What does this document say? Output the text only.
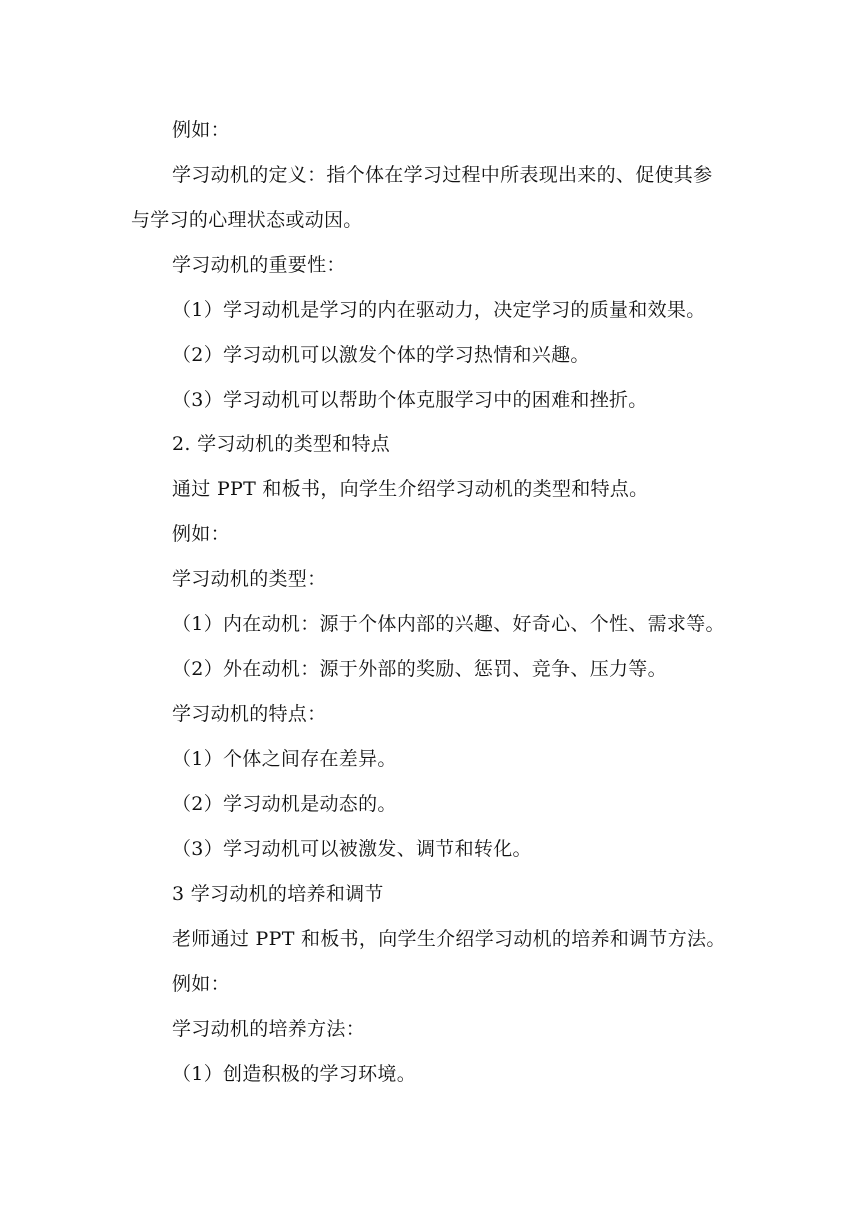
例如：
学习动机的定义：指个体在学习过程中所表现出来的、促使其参
与学习的心理状态或动因。
学习动机的重要性：
（1）学习动机是学习的内在驱动力，决定学习的质量和效果。
（2）学习动机可以激发个体的学习热情和兴趣。
（3）学习动机可以帮助个体克服学习中的困难和挫折。
2. 学习动机的类型和特点
通过 PPT 和板书，向学生介绍学习动机的类型和特点。
例如：
学习动机的类型：
（1）内在动机：源于个体内部的兴趣、好奇心、个性、需求等。
（2）外在动机：源于外部的奖励、惩罚、竞争、压力等。
学习动机的特点：
（1）个体之间存在差异。
（2）学习动机是动态的。
（3）学习动机可以被激发、调节和转化。
3 学习动机的培养和调节
老师通过 PPT 和板书，向学生介绍学习动机的培养和调节方法。
例如：
学习动机的培养方法：
（1）创造积极的学习环境。
